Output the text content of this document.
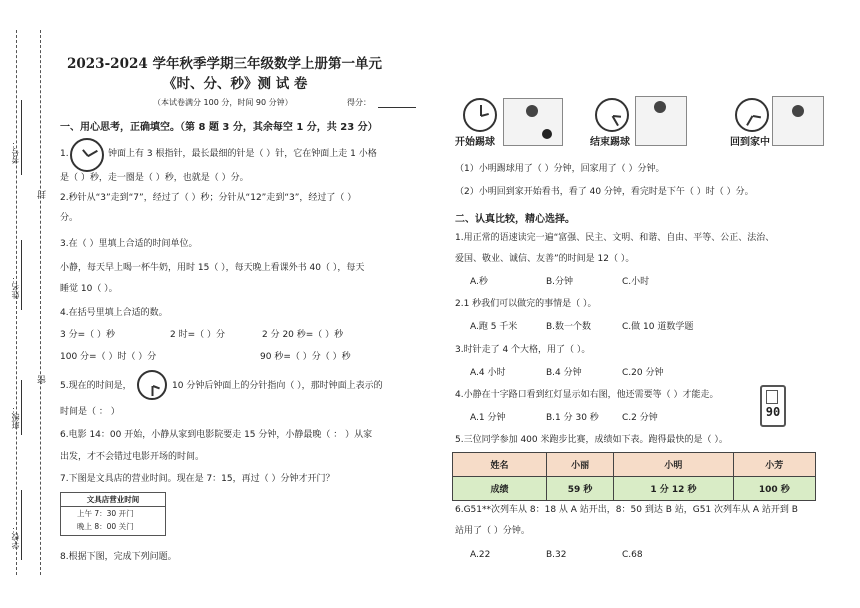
考号：
封
姓名：
密
班级：
学校：
2023-2024 学年秋季学期三年级数学上册第一单元
《时、分、秒》测 试 卷
（本试卷满分 100 分，时间 90 分钟）	得分：
一、用心思考，正确填空。（第 8 题 3 分，其余每空 1 分，共 23 分）
1.	钟面上有 3 根指针，最长最细的针是（ ）针，它在钟面上走 1 小格
是（ ）秒，走一圈是（ ）秒，也就是（ ）分。
2.秒针从“3”走到“7”，经过了（ ）秒；分针从“12”走到“3”，经过了（ ）
分。
3.在（ ）里填上合适的时间单位。
小静，每天早上喝一杯牛奶，用时 15（ ），每天晚上看课外书 40（ ），每天
睡觉 10（ ）。
4.在括号里填上合适的数。
3 分=（ ）秒	2 时=（ ）分	2 分 20 秒=（ ）秒
100 分=（ ）时（ ）分	90 秒=（ ）分（ ）秒
5.现在的时间是，	10 分钟后钟面上的分针指向（ ），那时钟面上表示的
时间是（ ： ）
6.电影 14：00 开始，小静从家到电影院要走 15 分钟，小静最晚（ ： ）从家
出发，才不会错过电影开场的时间。
7.下图是文具店的营业时间。现在是 7：15，再过（ ）分钟才开门？
文具店营业时间
上午 7：30 开门
晚上 8：00 关门
8.根据下图，完成下列问题。
开始踢球	结束踢球	回到家中
（1）小明踢球用了（ ）分钟，回家用了（ ）分钟。
（2）小明回到家开始看书，看了 40 分钟，看完时是下午（ ）时（ ）分。
二、认真比较，精心选择。
1.用正常的语速读完一遍“富强、民主、文明、和谐、自由、平等、公正、法治、
爱国、敬业、诚信、友善”的时间是 12（ ）。
A.秒	B.分钟	C.小时
2.1 秒我们可以做完的事情是（ ）。
A.跑 5 千米	B.数一个数	C.做 10 道数学题
3.时针走了 4 个大格，用了（ ）。
A.4 小时	B.4 分钟	C.20 分钟
4.小静在十字路口看到红灯显示如右图，他还需要等（ ）才能走。
A.1 分钟	B.1 分 30 秒	C.2 分钟	90
5.三位同学参加 400 米跑步比赛，成绩如下表。跑得最快的是（ ）。
姓名	小丽	小明	小芳
成绩	59 秒	1 分 12 秒	100 秒
6.G51**次列车从 8：18 从 A 站开出，8：50 到达 B 站，G51 次列车从 A 站开到 B
站用了（ ）分钟。
A.22	B.32	C.68
